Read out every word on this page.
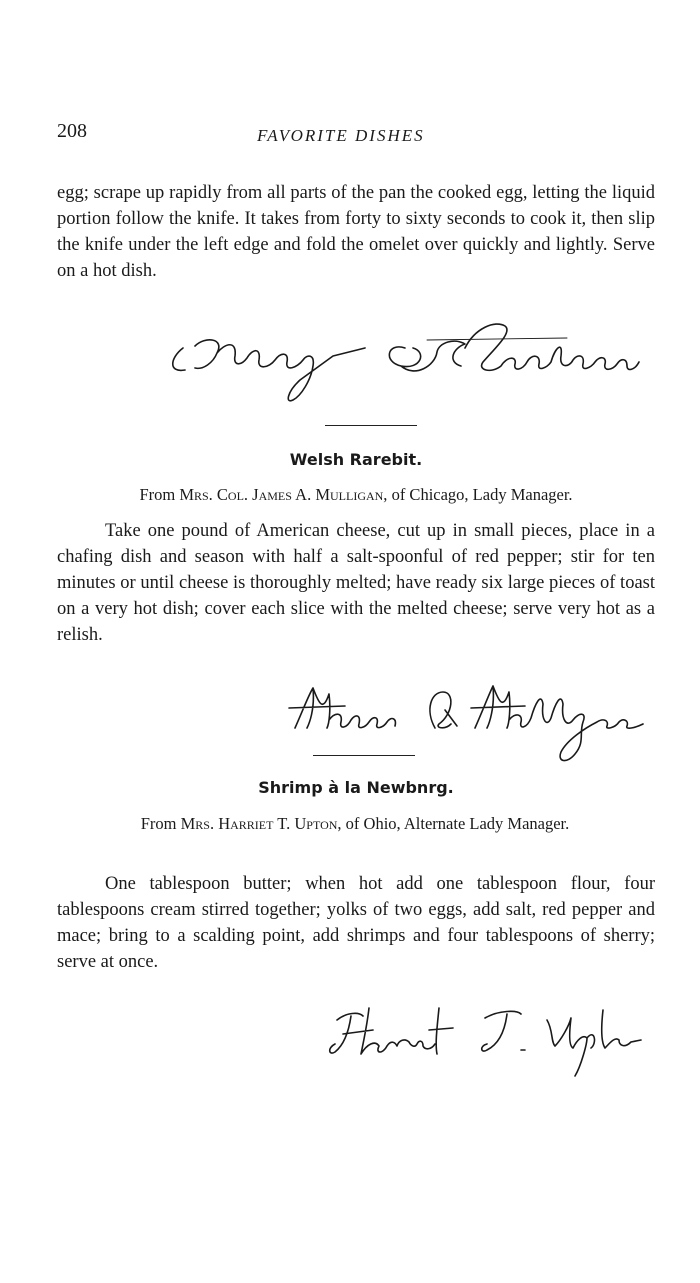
208	FAVORITE DISHES

egg; scrape up rapidly from all parts of the pan the cooked egg, letting the liquid portion follow the knife. It takes from forty to sixty seconds to cook it, then slip the knife under the left edge and fold the omelet over quickly and lightly. Serve on a hot dish.

Welsh Rarebit.

From Mrs. Col. James A. Mulligan, of Chicago, Lady Manager.

Take one pound of American cheese, cut up in small pieces, place in a chafing dish and season with half a salt-spoonful of red pepper; stir for ten minutes or until cheese is thoroughly melted; have ready six large pieces of toast on a very hot dish; cover each slice with the melted cheese; serve very hot as a relish.

Shrimp à la Newbnrg.

From Mrs. Harriet T. Upton, of Ohio, Alternate Lady Manager.

One tablespoon butter; when hot add one tablespoon flour, four tablespoons cream stirred together; yolks of two eggs, add salt, red pepper and mace; bring to a scalding point, add shrimps and four tablespoons of sherry; serve at once.
